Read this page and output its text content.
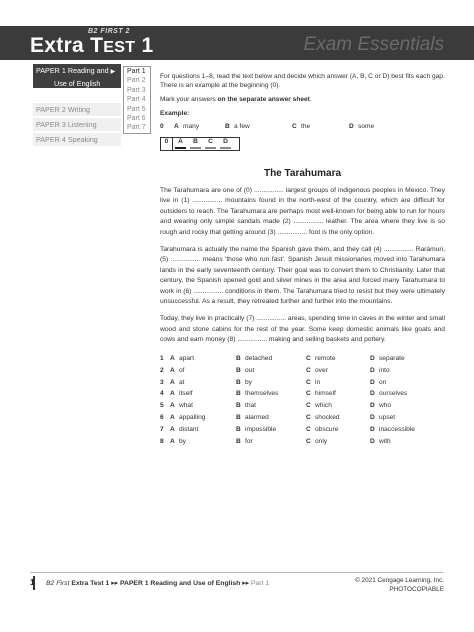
B2 FIRST 2
Extra TEST 1	Exam Essentials
PAPER 1 Reading and ▶
Use of English
PAPER 2 Writing
PAPER 3 Listening
PAPER 4 Speaking
Part 1
Part 2
Part 3
Part 4
Part 5
Part 6
Part 7

For questions 1–8, read the text below and decide which answer (A, B, C or D) best fits each gap. There is an example at the beginning (0).

Mark your answers on the separate answer sheet.

Example:
0	A many	B a few	C the	D some
0	A	B	C	D
The Tarahumara

The Tarahumara are one of (0) ................ largest groups of indigenous peoples in Mexico. They live in (1) ................ mountains found in the north-west of the country, which are difficult for outsiders to reach. The Tarahumara are perhaps most well-known for being able to run for hours and wearing only simple sandals made (2) ................ leather. The area where they live is so rough and rocky that getting around (3) ................ foot is the only option.

Tarahumara is actually the name the Spanish gave them, and they call (4) ................ Rarámuri, (5) ................ means 'those who run fast'. Spanish Jesuit missionaries moved into Tarahumara lands in the early seventeenth century. Their goal was to convert them to Christianity. Later that century, the Spanish opened gold and silver mines in the area and forced many Tarahumara to work in (6) ................ conditions in them. The Tarahumara tried to resist but they were ultimately unsuccessful. As a result, they retreated further and further into the mountains.

Today, they live in practically (7) ................ areas, spending time in caves in the winter and small wood and stone cabins for the rest of the year. Some keep domestic animals like goats and cows and earn money (8) ................ making and selling baskets and pottery.

1 A apart	B detached	C remote	D separate
2 A of	B out	C over	D into
3 A at	B by	C in	D on
4 A itself	B themselves	C himself	D ourselves
5 A what	B that	C which	D who
6 A appalling	B alarmed	C shocked	D upset
7 A distant	B impossible	C obscure	D inaccessible
8 A by	B for	C only	D with
1 B2 First Extra Test 1 ▸▸ PAPER 1 Reading and Use of English ▸▸ Part 1	© 2021 Cengage Learning, Inc.
PHOTOCOPIABLE
